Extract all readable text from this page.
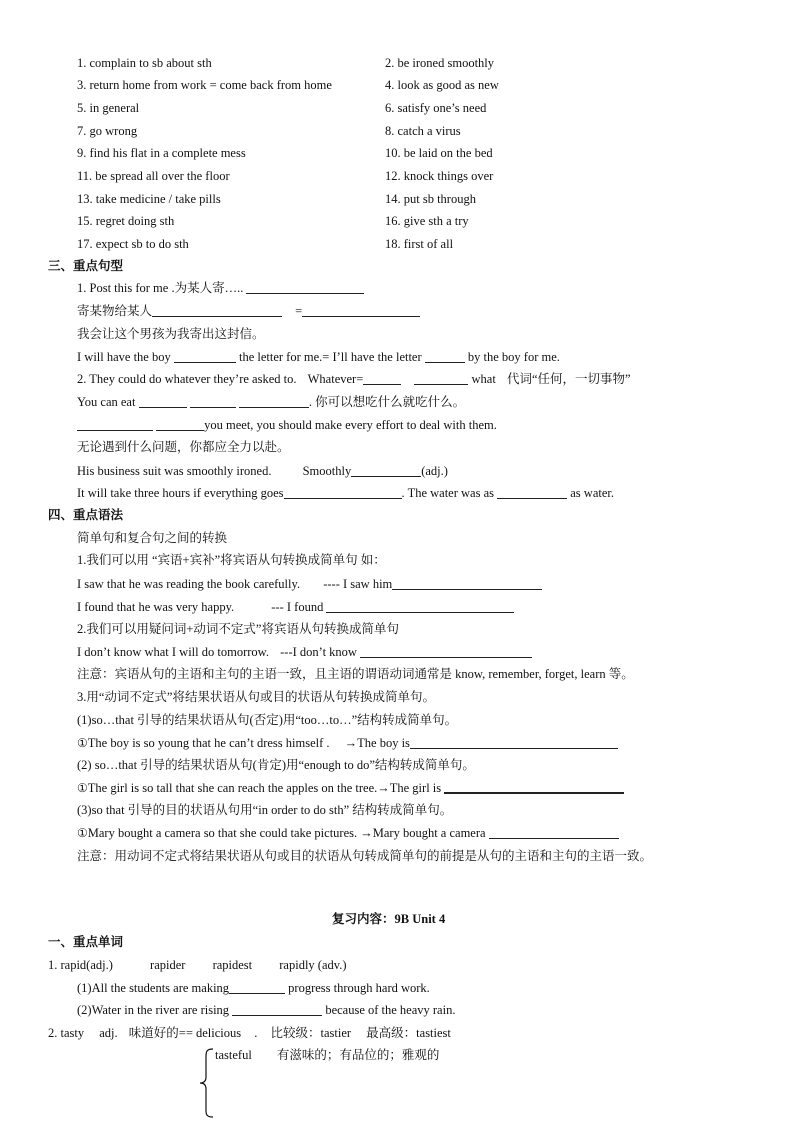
1. complain to sb about sth	2. be ironed smoothly
3. return home from work = come back from home	4. look as good as new
5. in general	6. satisfy one’s need
7. go wrong	8. catch a virus
9. find his flat in a complete mess	10. be laid on the bed
11. be spread all over the floor	12. knock things over
13. take medicine / take pills	14. put sb through
15. regret doing sth	16. give sth a try
17. expect sb to do sth	18. first of all
三、重点句型
1. Post this for me .为某人寄…..
寄某物给某人	=
我会让这个男孩为我寄出这封信。
I will have the boy	the letter for me.= I’ll have the letter	by the boy for me.
2. They could do whatever they’re asked to. Whatever=	what 代词“任何，一切事物”
You can eat	. 你可以想吃什么就吃什么。
you meet, you should make every effort to deal with them.
无论遇到什么问题，你都应全力以赴。
His business suit was smoothly ironed. Smoothly	(adj.)
It will take three hours if everything goes	. The water was as	as water.
四、重点语法
简单句和复合句之间的转换
1.我们可以用 “宾语+宾补”将宾语从句转换成简单句 如：
I saw that he was reading the book carefully. ---- I saw him
I found that he was very happy.	--- I found
2.我们可以用疑问词+动词不定式”将宾语从句转换成简单句
I don’t know what I will do tomorrow. ---I don’t know
注意：宾语从句的主语和主句的主语一致，且主语的谓语动词通常是 know, remember, forget, learn 等。
3.用“动词不定式”将结果状语从句或目的状语从句转换成简单句。
(1)so…that 引导的结果状语从句(否定)用“too…to…”结构转成简单句。
①The boy is so young that he can’t dress himself . →The boy is
(2) so…that 引导的结果状语从句(肯定)用“enough to do”结构转成简单句。
①The girl is so tall that she can reach the apples on the tree.→The girl is
(3)so that 引导的目的状语从句用“in order to do sth” 结构转成简单句。
①Mary bought a camera so that she could take pictures. →Mary bought a camera
注意：用动词不定式将结果状语从句或目的状语从句转成简单句的前提是从句的主语和主句的主语一致。
复习内容：9B Unit 4
一、重点单词
1. rapid(adj.)	rapider rapidest rapidly (adv.)
(1)All the students are making	progress through hard work.
(2)Water in the river are rising	because of the heavy rain.
2. tasty adj. 味道好的== delicious . 比较级：tastier 最高级：tastiest
tasteful 有滋味的；有品位的；雅观的
